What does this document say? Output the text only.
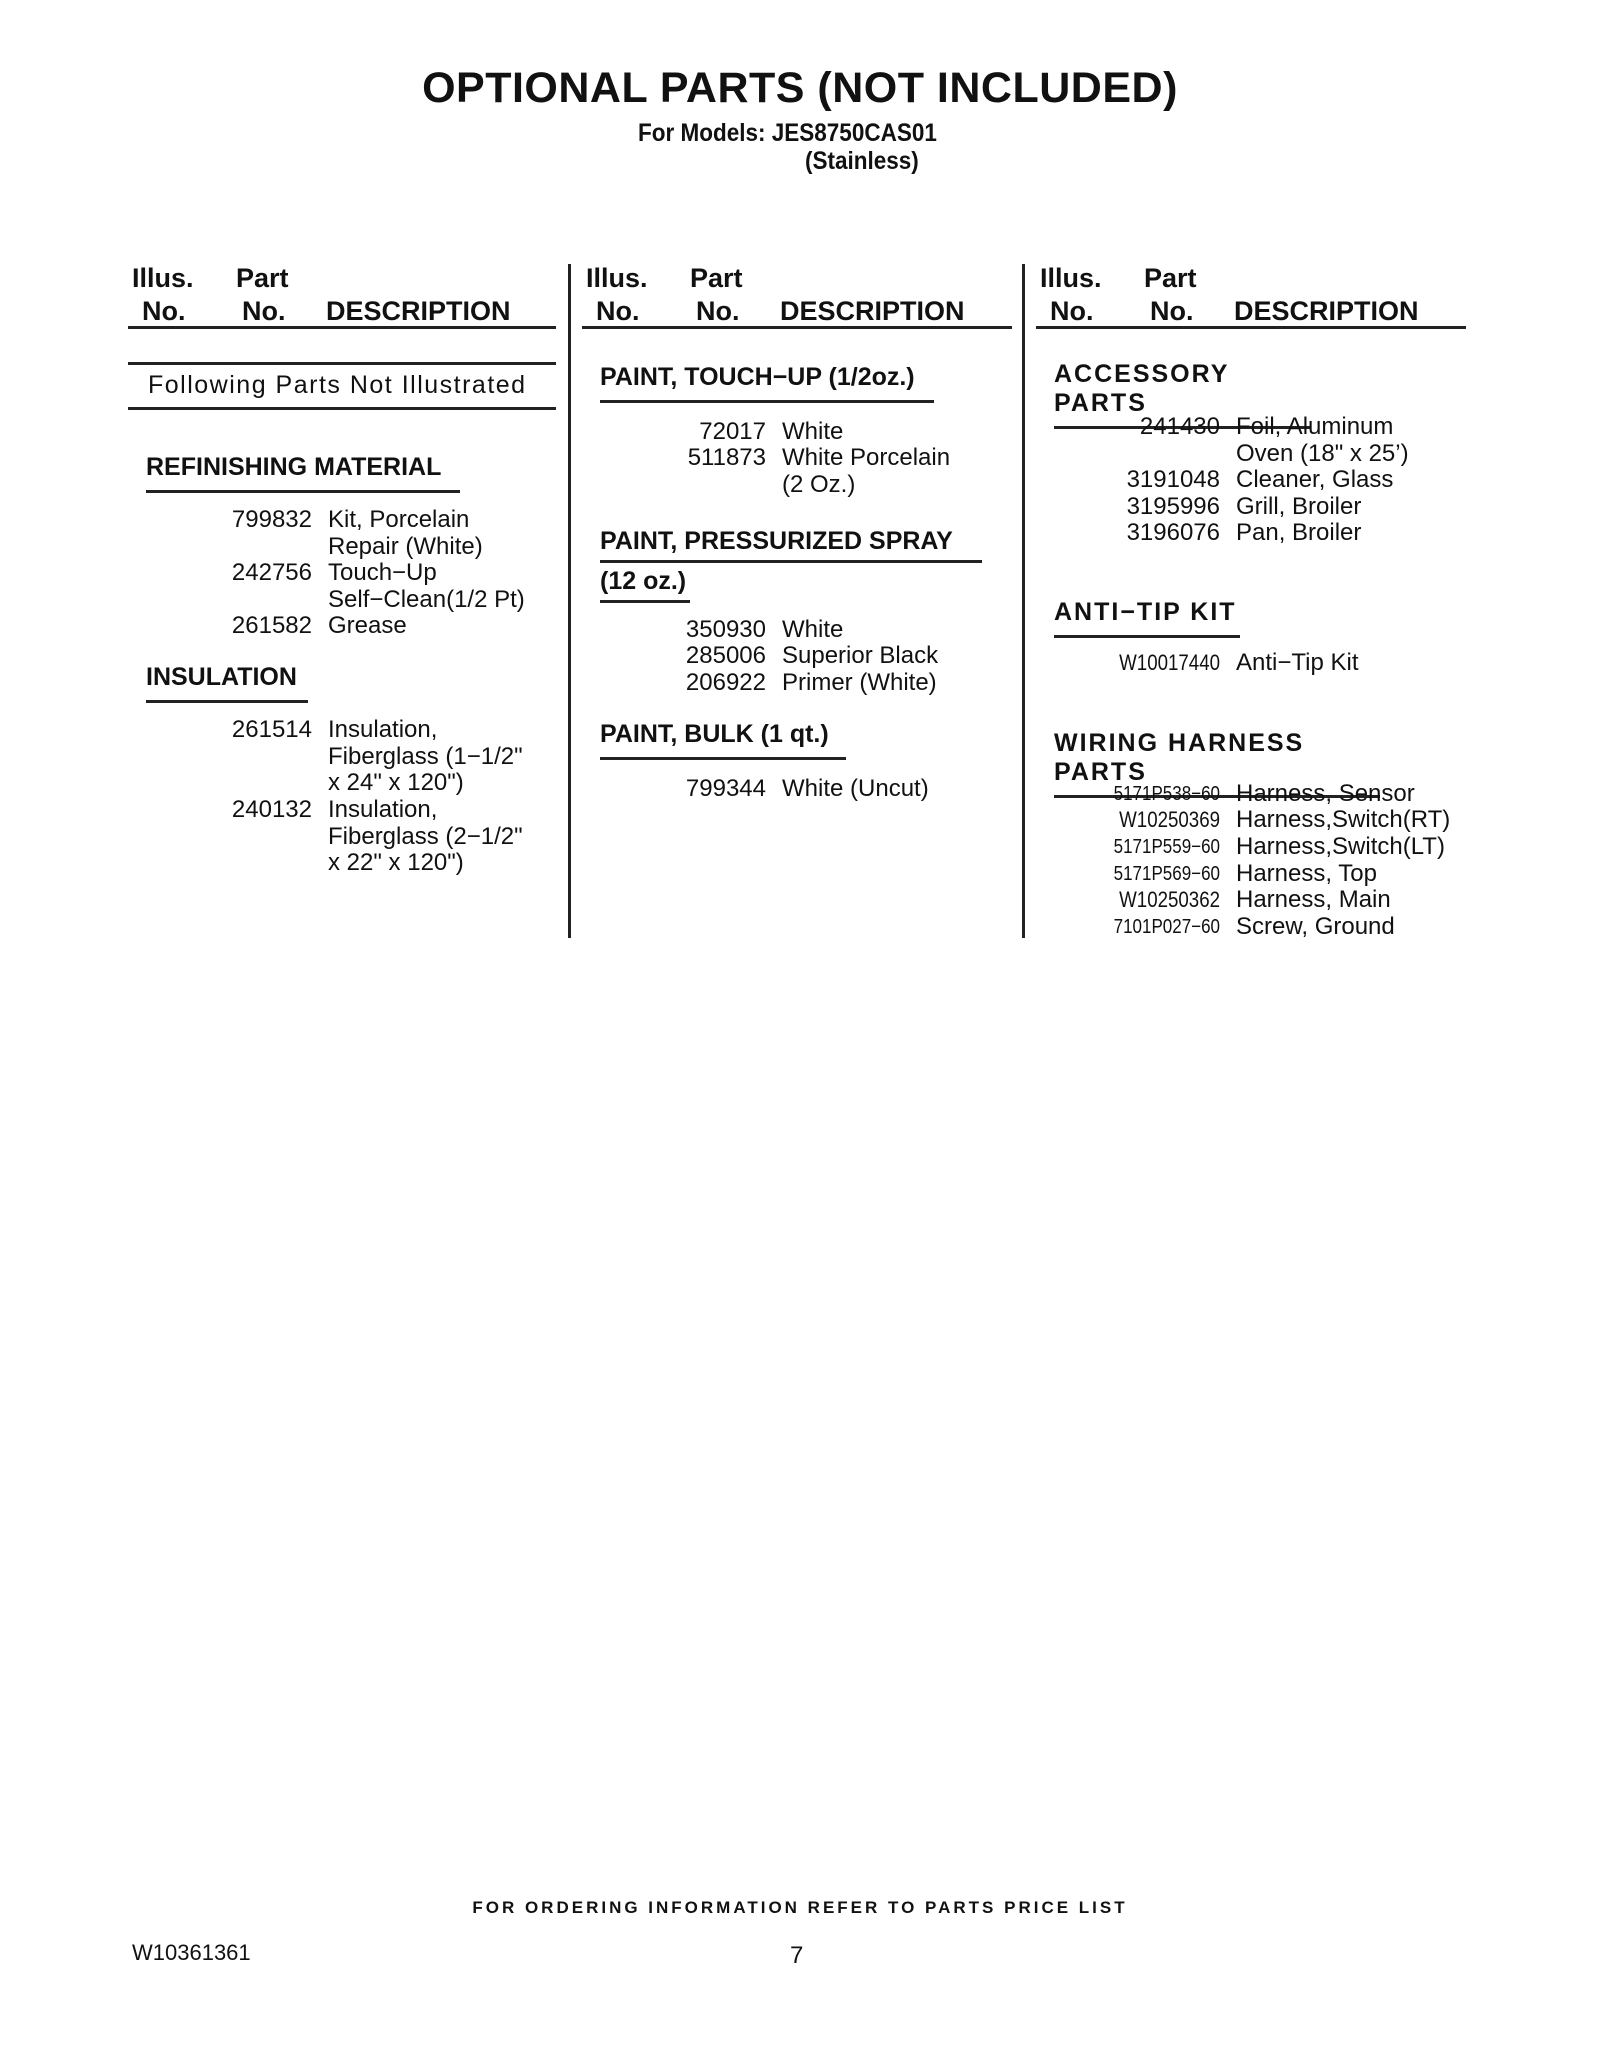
OPTIONAL PARTS (NOT INCLUDED)
For Models: JES8750CAS01
(Stainless)
Illus. Part
No. No. DESCRIPTION
Illus. Part
No. No. DESCRIPTION
Illus. Part
No. No. DESCRIPTION
Following Parts Not Illustrated
REFINISHING MATERIAL
799832 Kit, Porcelain
Repair (White)
242756 Touch−Up
Self−Clean(1/2 Pt)
261582 Grease
INSULATION
261514 Insulation,
Fiberglass (1−1/2"
x 24" x 120")
240132 Insulation,
Fiberglass (2−1/2"
x 22" x 120")
PAINT, TOUCH−UP (1/2oz.)
72017 White
511873 White Porcelain
(2 Oz.)
PAINT, PRESSURIZED SPRAY
(12 oz.)
350930 White
285006 Superior Black
206922 Primer (White)
PAINT, BULK (1 qt.)
799344 White (Uncut)
ACCESSORY PARTS
241430 Foil, Aluminum
Oven (18" x 25’)
3191048 Cleaner, Glass
3195996 Grill, Broiler
3196076 Pan, Broiler
ANTI−TIP KIT
W10017440 Anti−Tip Kit
WIRING HARNESS PARTS
5171P538−60 Harness, Sensor
W10250369 Harness,Switch(RT)
5171P559−60 Harness,Switch(LT)
5171P569−60 Harness, Top
W10250362 Harness, Main
7101P027−60 Screw, Ground
FOR ORDERING INFORMATION REFER TO PARTS PRICE LIST
W10361361	7
